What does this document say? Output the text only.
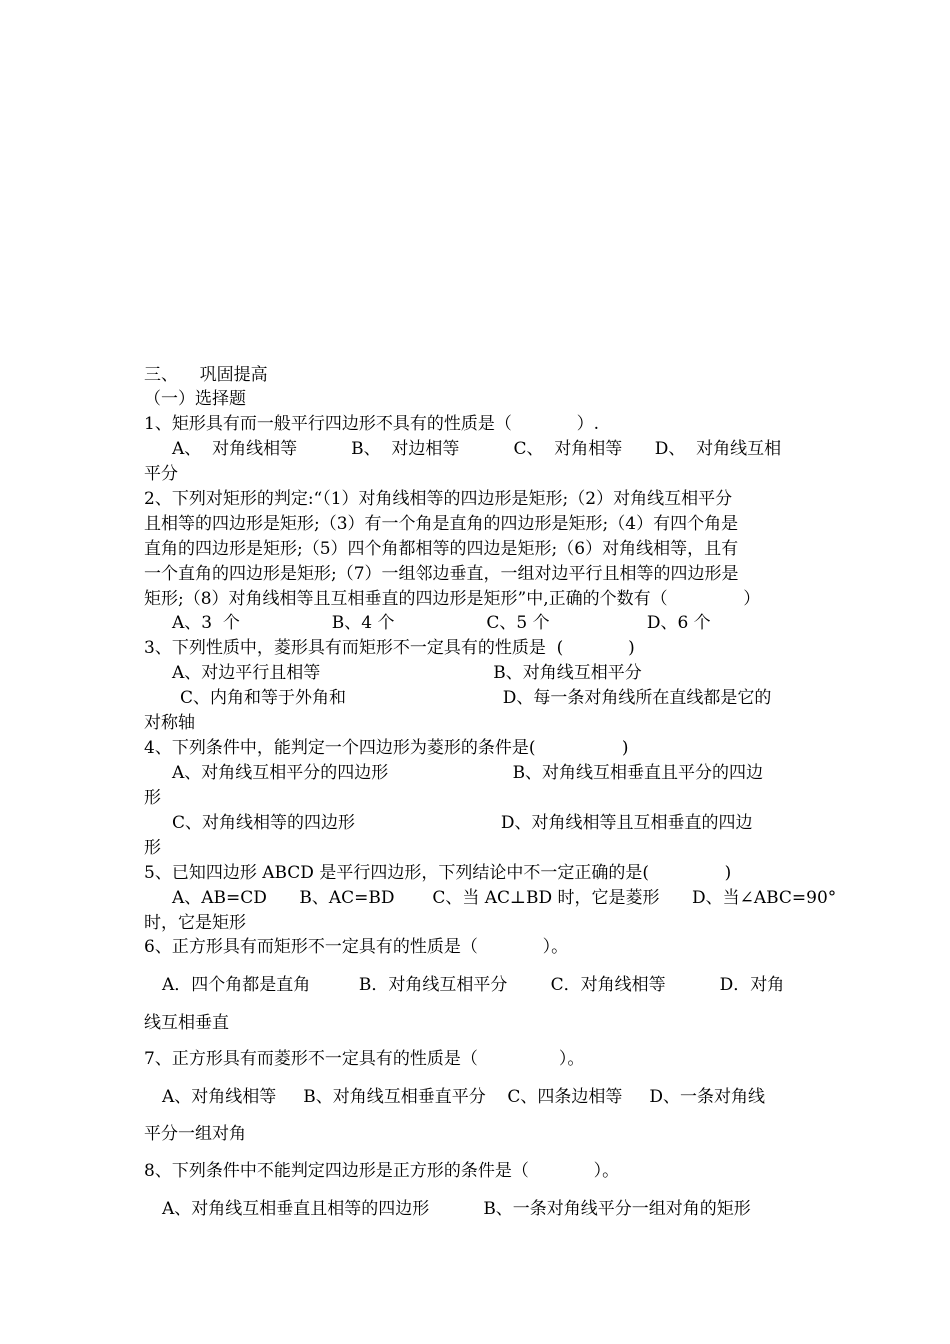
三、    巩固提高
（一）选择题
1、矩形具有而一般平行四边形不具有的性质是（            ）.
A、  对角线相等          B、  对边相等          C、  对角相等      D、  对角线互相
平分
2、下列对矩形的判定:“（1）对角线相等的四边形是矩形;（2）对角线互相平分
且相等的四边形是矩形;（3）有一个角是直角的四边形是矩形;（4）有四个角是
直角的四边形是矩形;（5）四个角都相等的四边是矩形;（6）对角线相等，且有
一个直角的四边形是矩形;（7）一组邻边垂直，一组对边平行且相等的四边形是
矩形;（8）对角线相等且互相垂直的四边形是矩形”中,正确的个数有（              ）
A、3  个                 B、4 个                 C、5 个                  D、6 个
3、下列性质中，菱形具有而矩形不一定具有的性质是  (            )
A、对边平行且相等                                B、对角线互相平分
C、内角和等于外角和                             D、每一条对角线所在直线都是它的
对称轴
4、下列条件中，能判定一个四边形为菱形的条件是(                )
A、对角线互相平分的四边形                       B、对角线互相垂直且平分的四边
形
C、对角线相等的四边形                           D、对角线相等且互相垂直的四边
形
5、已知四边形 ABCD 是平行四边形，下列结论中不一定正确的是(              )
A、AB=CD      B、AC=BD       C、当 AC⊥BD 时，它是菱形      D、当∠ABC=90°
时，它是矩形
6、正方形具有而矩形不一定具有的性质是（            ）。
A．四个角都是直角         B．对角线互相平分        C．对角线相等          D．对角
线互相垂直
7、正方形具有而菱形不一定具有的性质是（               ）。
A、对角线相等     B、对角线互相垂直平分    C、四条边相等     D、一条对角线
平分一组对角
8、下列条件中不能判定四边形是正方形的条件是（            ）。
A、对角线互相垂直且相等的四边形          B、一条对角线平分一组对角的矩形
